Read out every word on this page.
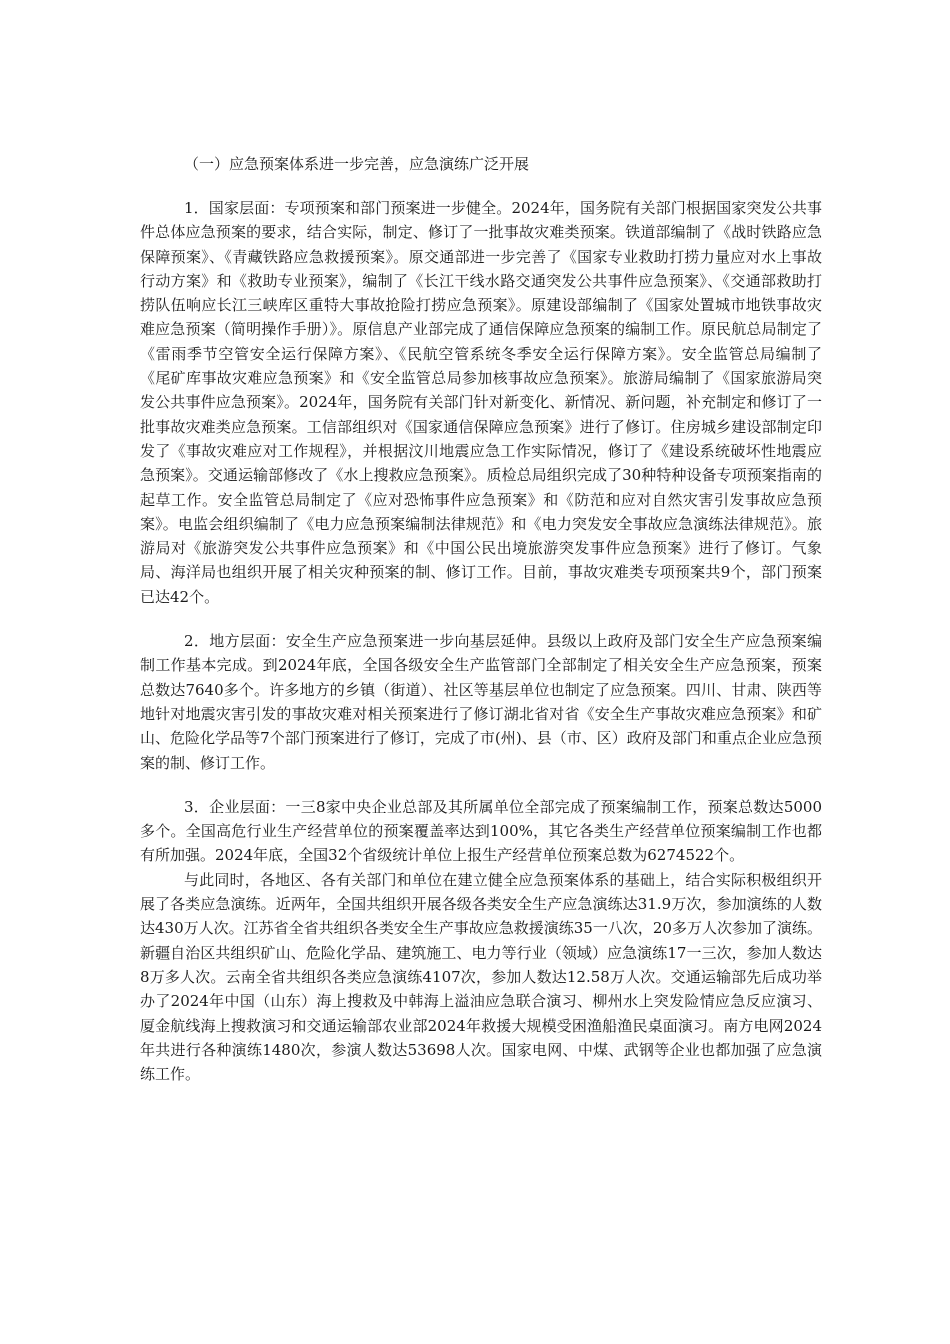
（一）应急预案体系进一步完善，应急演练广泛开展

1．国家层面：专项预案和部门预案进一步健全。2024年，国务院有关部门根据国家突发公共事件总体应急预案的要求，结合实际，制定、修订了一批事故灾难类预案。铁道部编制了《战时铁路应急保障预案》、《青藏铁路应急救援预案》。原交通部进一步完善了《国家专业救助打捞力量应对水上事故行动方案》和《救助专业预案》，编制了《长江干线水路交通突发公共事件应急预案》、《交通部救助打捞队伍响应长江三峡库区重特大事故抢险打捞应急预案》。原建设部编制了《国家处置城市地铁事故灾难应急预案（简明操作手册）》。原信息产业部完成了通信保障应急预案的编制工作。原民航总局制定了《雷雨季节空管安全运行保障方案》、《民航空管系统冬季安全运行保障方案》。安全监管总局编制了《尾矿库事故灾难应急预案》和《安全监管总局参加核事故应急预案》。旅游局编制了《国家旅游局突发公共事件应急预案》。2024年，国务院有关部门针对新变化、新情况、新问题，补充制定和修订了一批事故灾难类应急预案。工信部组织对《国家通信保障应急预案》进行了修订。住房城乡建设部制定印发了《事故灾难应对工作规程》，并根据汶川地震应急工作实际情况，修订了《建设系统破坏性地震应急预案》。交通运输部修改了《水上搜救应急预案》。质检总局组织完成了30种特种设备专项预案指南的起草工作。安全监管总局制定了《应对恐怖事件应急预案》和《防范和应对自然灾害引发事故应急预案》。电监会组织编制了《电力应急预案编制法律规范》和《电力突发安全事故应急演练法律规范》。旅游局对《旅游突发公共事件应急预案》和《中国公民出境旅游突发事件应急预案》进行了修订。气象局、海洋局也组织开展了相关灾种预案的制、修订工作。目前，事故灾难类专项预案共9个，部门预案已达42个。

2．地方层面：安全生产应急预案进一步向基层延伸。县级以上政府及部门安全生产应急预案编制工作基本完成。到2024年底，全国各级安全生产监管部门全部制定了相关安全生产应急预案，预案总数达7640多个。许多地方的乡镇（街道）、社区等基层单位也制定了应急预案。四川、甘肃、陕西等地针对地震灾害引发的事故灾难对相关预案进行了修订湖北省对省《安全生产事故灾难应急预案》和矿山、危险化学品等7个部门预案进行了修订，完成了市(州)、县（市、区）政府及部门和重点企业应急预案的制、修订工作。

3．企业层面：一三8家中央企业总部及其所属单位全部完成了预案编制工作，预案总数达5000多个。全国高危行业生产经营单位的预案覆盖率达到100%，其它各类生产经营单位预案编制工作也都有所加强。2024年底，全国32个省级统计单位上报生产经营单位预案总数为6274522个。

与此同时，各地区、各有关部门和单位在建立健全应急预案体系的基础上，结合实际积极组织开展了各类应急演练。近两年，全国共组织开展各级各类安全生产应急演练达31.9万次，参加演练的人数达430万人次。江苏省全省共组织各类安全生产事故应急救援演练35一八次，20多万人次参加了演练。新疆自治区共组织矿山、危险化学品、建筑施工、电力等行业（领域）应急演练17一三次，参加人数达8万多人次。云南全省共组织各类应急演练4107次，参加人数达12.58万人次。交通运输部先后成功举办了2024年中国（山东）海上搜救及中韩海上溢油应急联合演习、柳州水上突发险情应急反应演习、厦金航线海上搜救演习和交通运输部农业部2024年救援大规模受困渔船渔民桌面演习。南方电网2024年共进行各种演练1480次，参演人数达53698人次。国家电网、中煤、武钢等企业也都加强了应急演练工作。
